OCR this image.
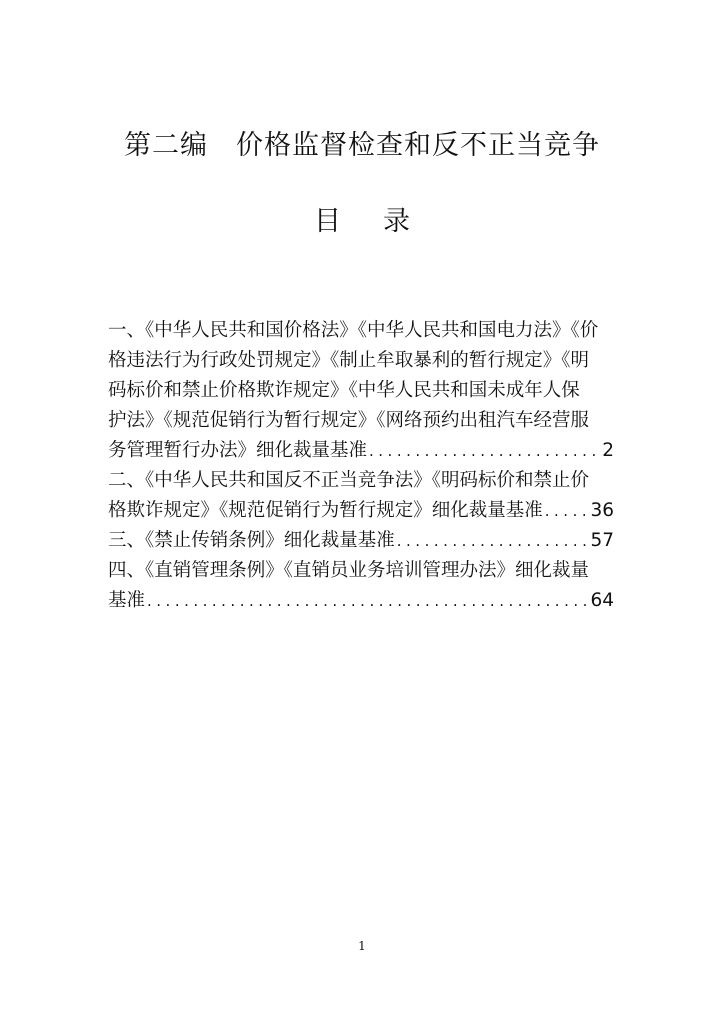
第二编　价格监督检查和反不正当竞争
目 录
一、《中华人民共和国价格法》《中华人民共和国电力法》《价
格违法行为行政处罚规定》《制止牟取暴利的暂行规定》《明
码标价和禁止价格欺诈规定》《中华人民共和国未成年人保
护法》《规范促销行为暂行规定》《网络预约出租汽车经营服
务管理暂行办法》细化裁量基准 .....	2
二、《中华人民共和国反不正当竞争法》《明码标价和禁止价
格欺诈规定》《规范促销行为暂行规定》细化裁量基准 .....	36
三、《禁止传销条例》细化裁量基准 .....	57
四、《直销管理条例》《直销员业务培训管理办法》细化裁量
基准 .....	64
1
